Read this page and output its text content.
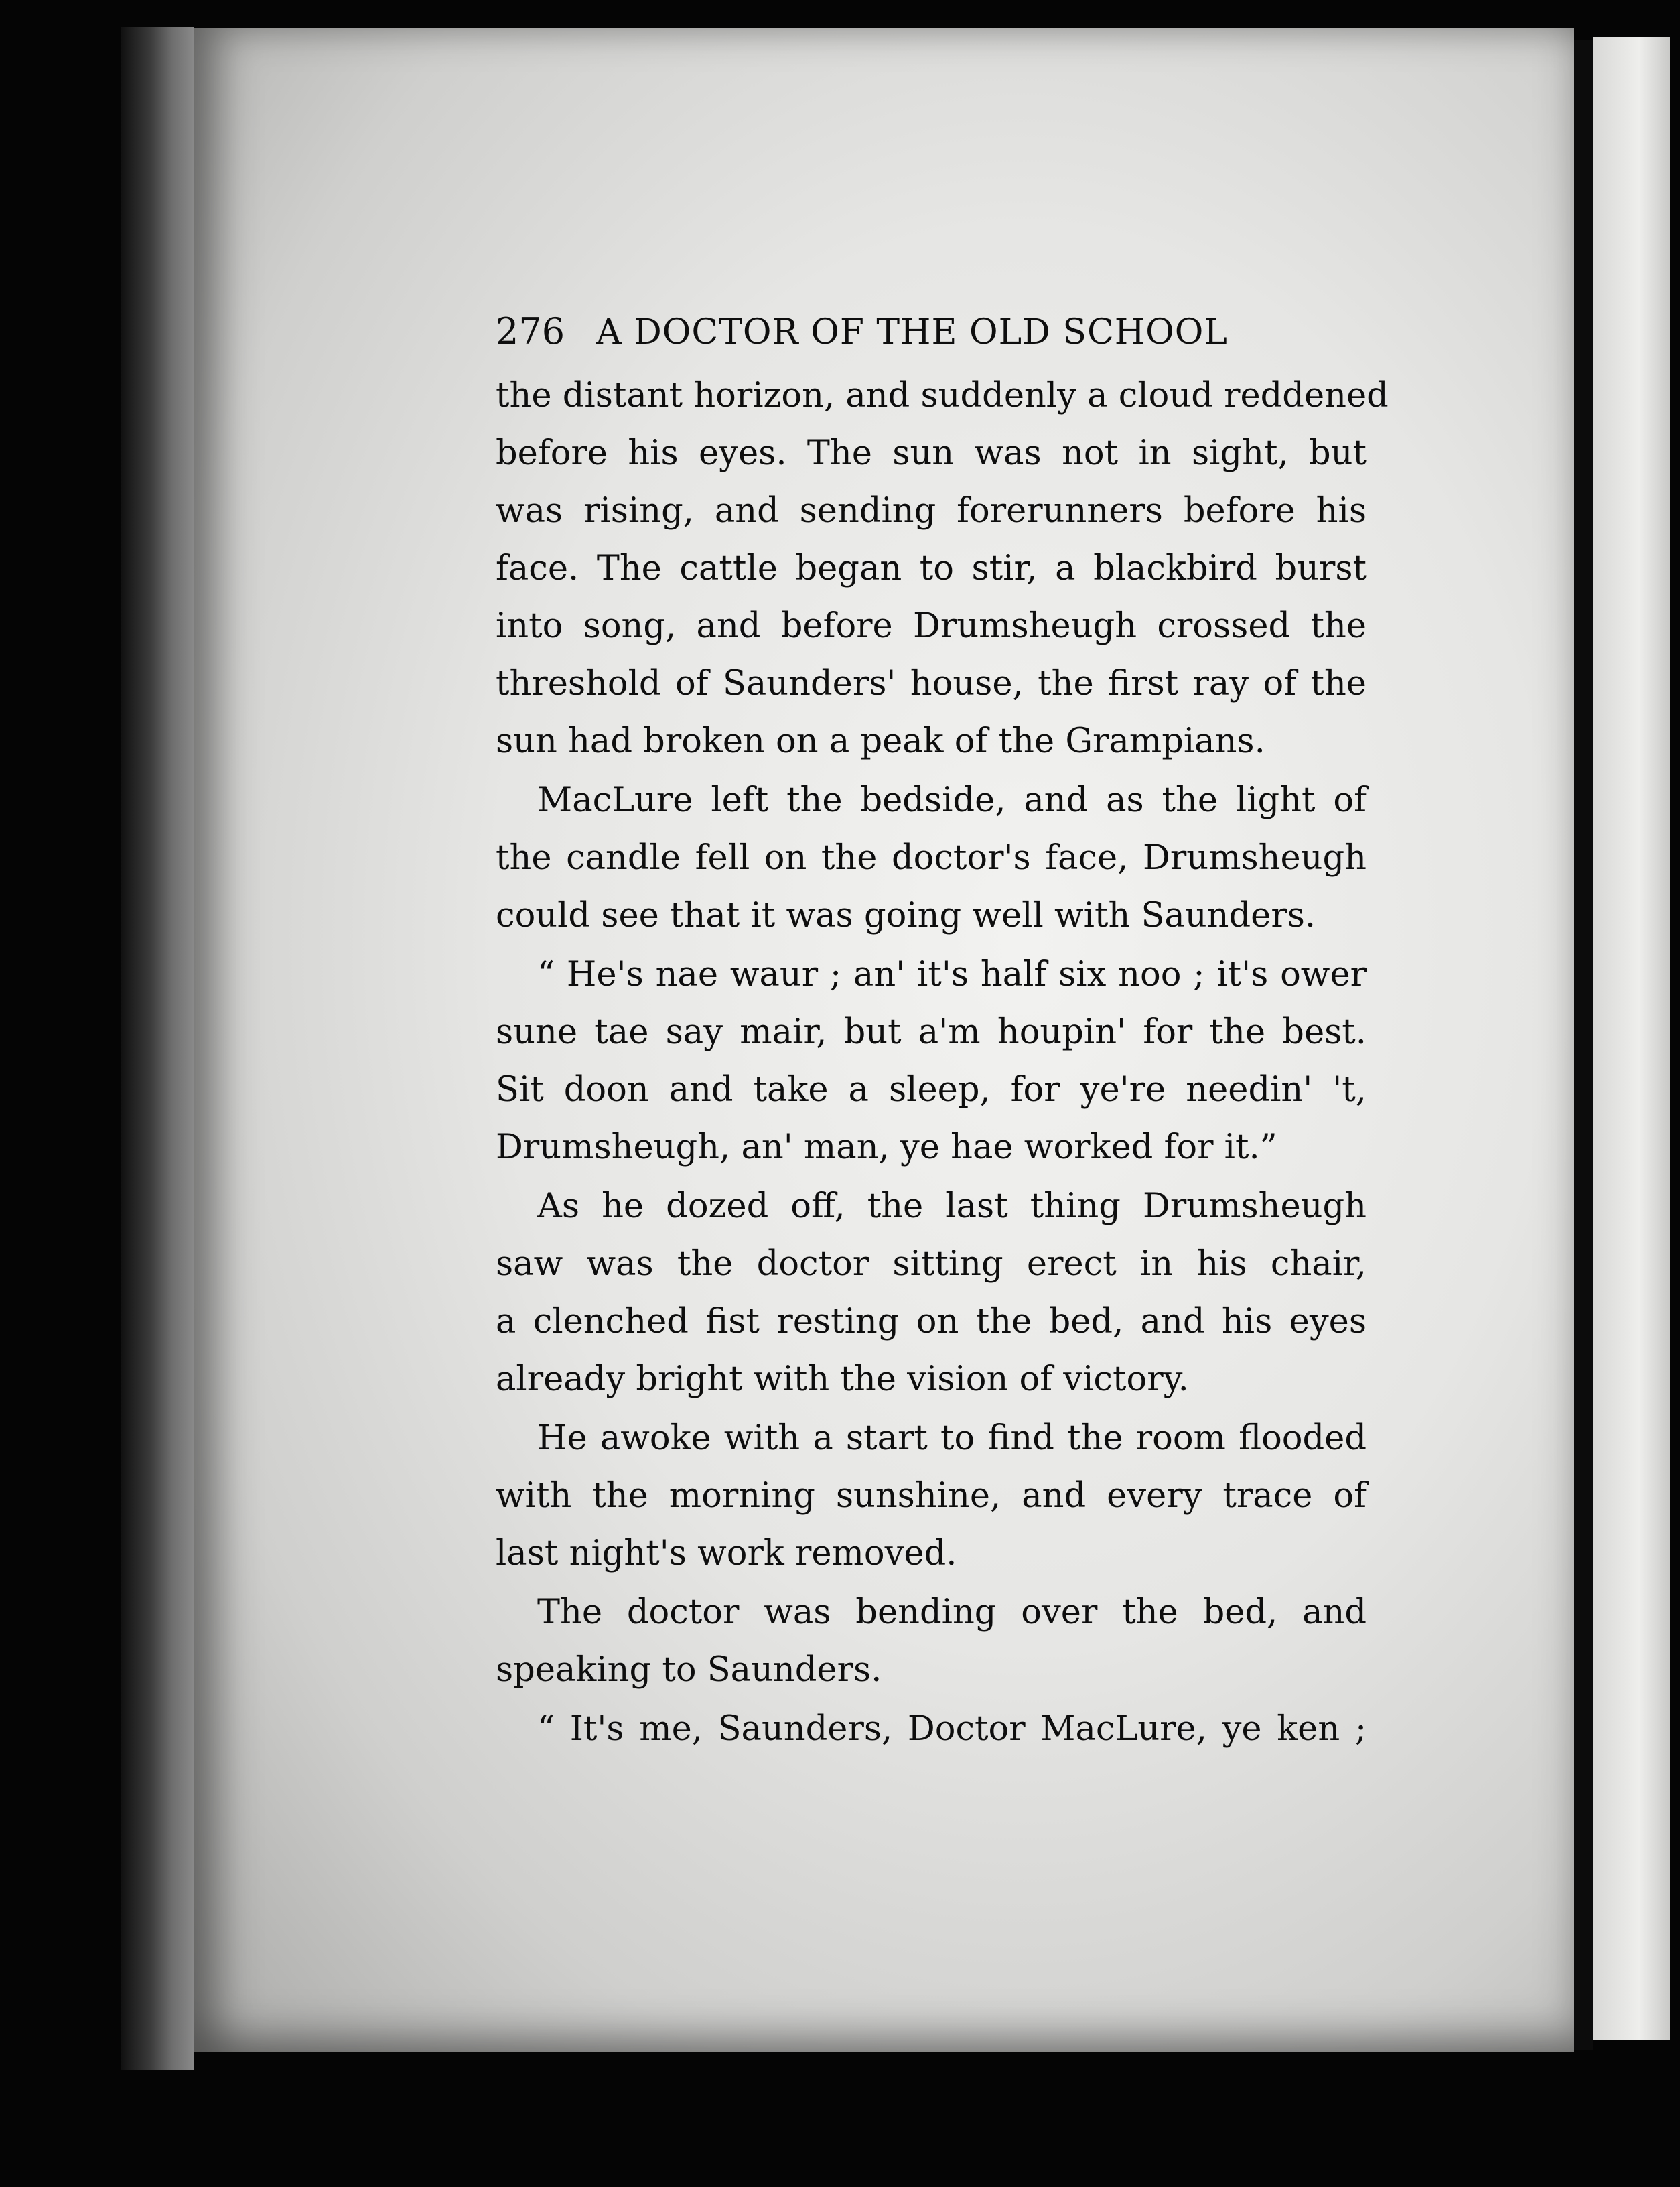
276 A DOCTOR OF THE OLD SCHOOL
the distant horizon, and suddenly a cloud reddened
before his eyes. The sun was not in sight, but
was rising, and sending forerunners before his
face. The cattle began to stir, a blackbird burst
into song, and before Drumsheugh crossed the
threshold of Saunders' house, the first ray of the
sun had broken on a peak of the Grampians.
MacLure left the bedside, and as the light of
the candle fell on the doctor's face, Drumsheugh
could see that it was going well with Saunders.
“ He's nae waur ; an' it's half six noo ; it's ower
sune tae say mair, but a'm houpin' for the best.
Sit doon and take a sleep, for ye're needin' 't,
Drumsheugh, an' man, ye hae worked for it.”
As he dozed off, the last thing Drumsheugh
saw was the doctor sitting erect in his chair,
a clenched fist resting on the bed, and his eyes
already bright with the vision of victory.
He awoke with a start to find the room flooded
with the morning sunshine, and every trace of
last night's work removed.
The doctor was bending over the bed, and
speaking to Saunders.
“ It's me, Saunders, Doctor MacLure, ye ken ;
